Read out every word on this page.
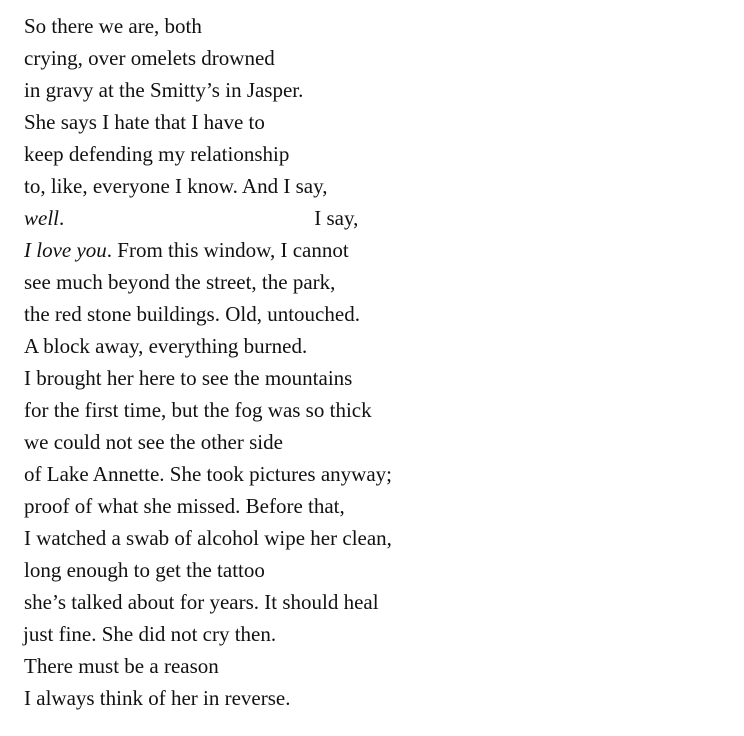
So there we are, both
crying, over omelets drowned
in gravy at the Smitty’s in Jasper.
She says I hate that I have to
keep defending my relationship
to, like, everyone I know. And I say,
well.	I say,
I love you. From this window, I cannot
see much beyond the street, the park,
the red stone buildings. Old, untouched.
A block away, everything burned.
I brought her here to see the mountains
for the first time, but the fog was so thick
we could not see the other side
of Lake Annette. She took pictures anyway;
proof of what she missed. Before that,
I watched a swab of alcohol wipe her clean,
long enough to get the tattoo
she’s talked about for years. It should heal
just fine. She did not cry then.
There must be a reason
I always think of her in reverse.
